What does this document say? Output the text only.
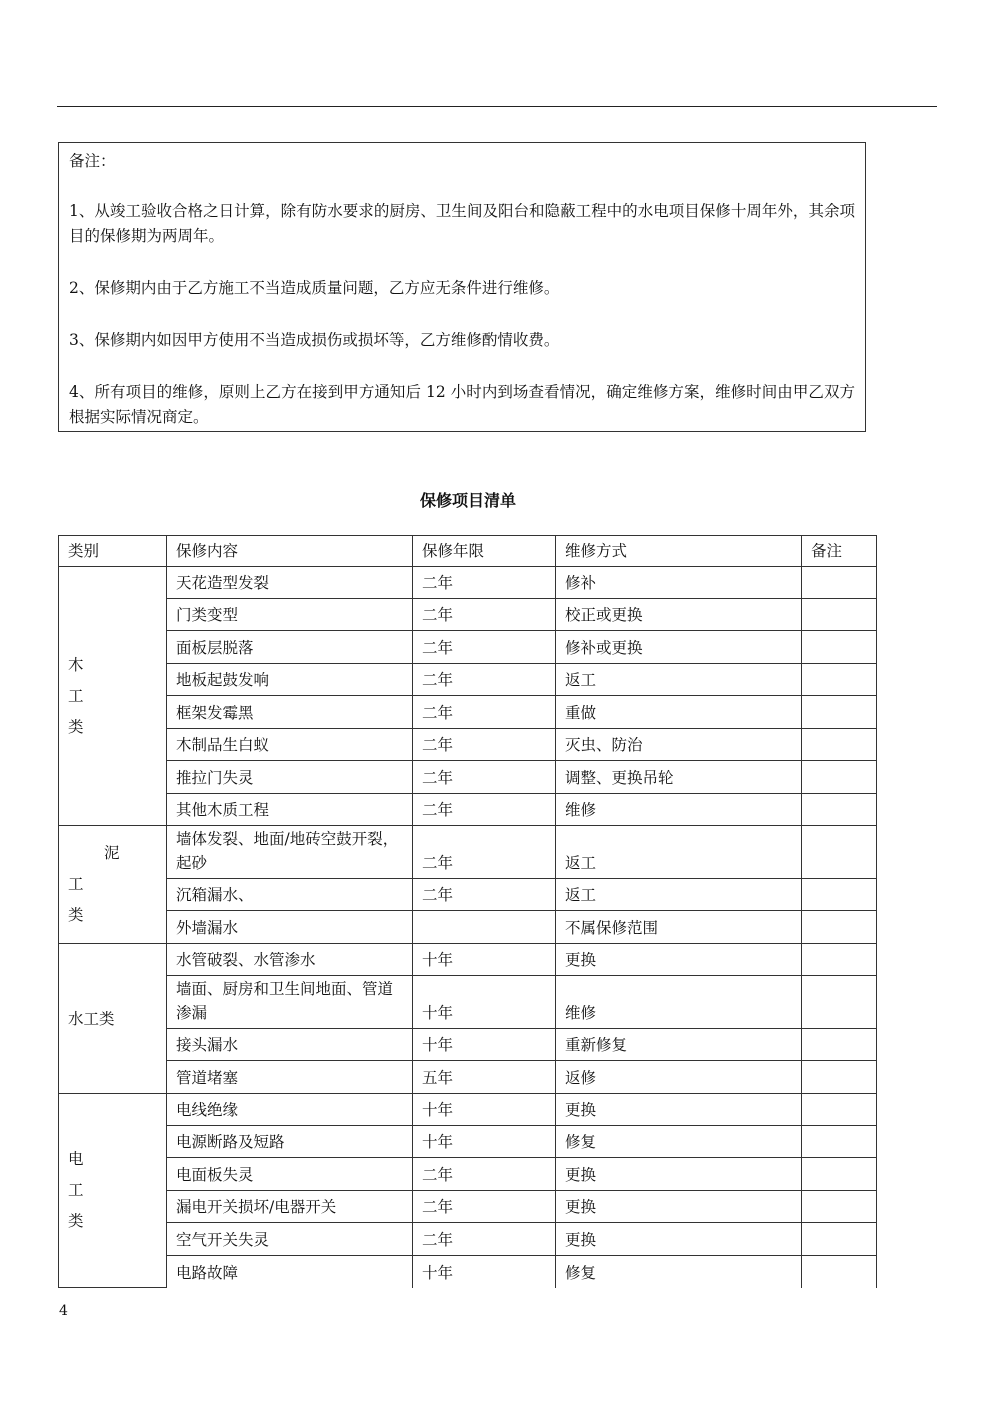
备注：

1、从竣工验收合格之日计算，除有防水要求的厨房、卫生间及阳台和隐蔽工程中的水电项目保修十周年外，其余项目的保修期为两周年。

2、保修期内由于乙方施工不当造成质量问题，乙方应无条件进行维修。

3、保修期内如因甲方使用不当造成损伤或损坏等，乙方维修酌情收费。

4、所有项目的维修，原则上乙方在接到甲方通知后 12 小时内到场查看情况，确定维修方案，维修时间由甲乙双方根据实际情况商定。

保修项目清单
类别	保修内容	保修年限	维修方式	备注

木
工
类	天花造型发裂	二年	修补	
	门类变型	二年	校正或更换	
	面板层脱落	二年	修补或更换	
	地板起鼓发响	二年	返工	
	框架发霉黑	二年	重做	
	木制品生白蚁	二年	灭虫、防治	
	推拉门失灵	二年	调整、更换吊轮	
	其他木质工程	二年	维修	

泥
工
类	墙体发裂、地面/地砖空鼓开裂，起砂	二年	返工	
	沉箱漏水、	二年	返工	
	外墙漏水		不属保修范围	
水工类	水管破裂、水管渗水	十年	更换	
	墙面、厨房和卫生间地面、管道渗漏	十年	维修	
	接头漏水	十年	重新修复	
	管道堵塞	五年	返修	

电
工
类	电线绝缘	十年	更换	
	电源断路及短路	十年	修复	
	电面板失灵	二年	更换	
	漏电开关损坏/电器开关	二年	更换	
	空气开关失灵	二年	更换	
	电路故障	十年	修复	
4
